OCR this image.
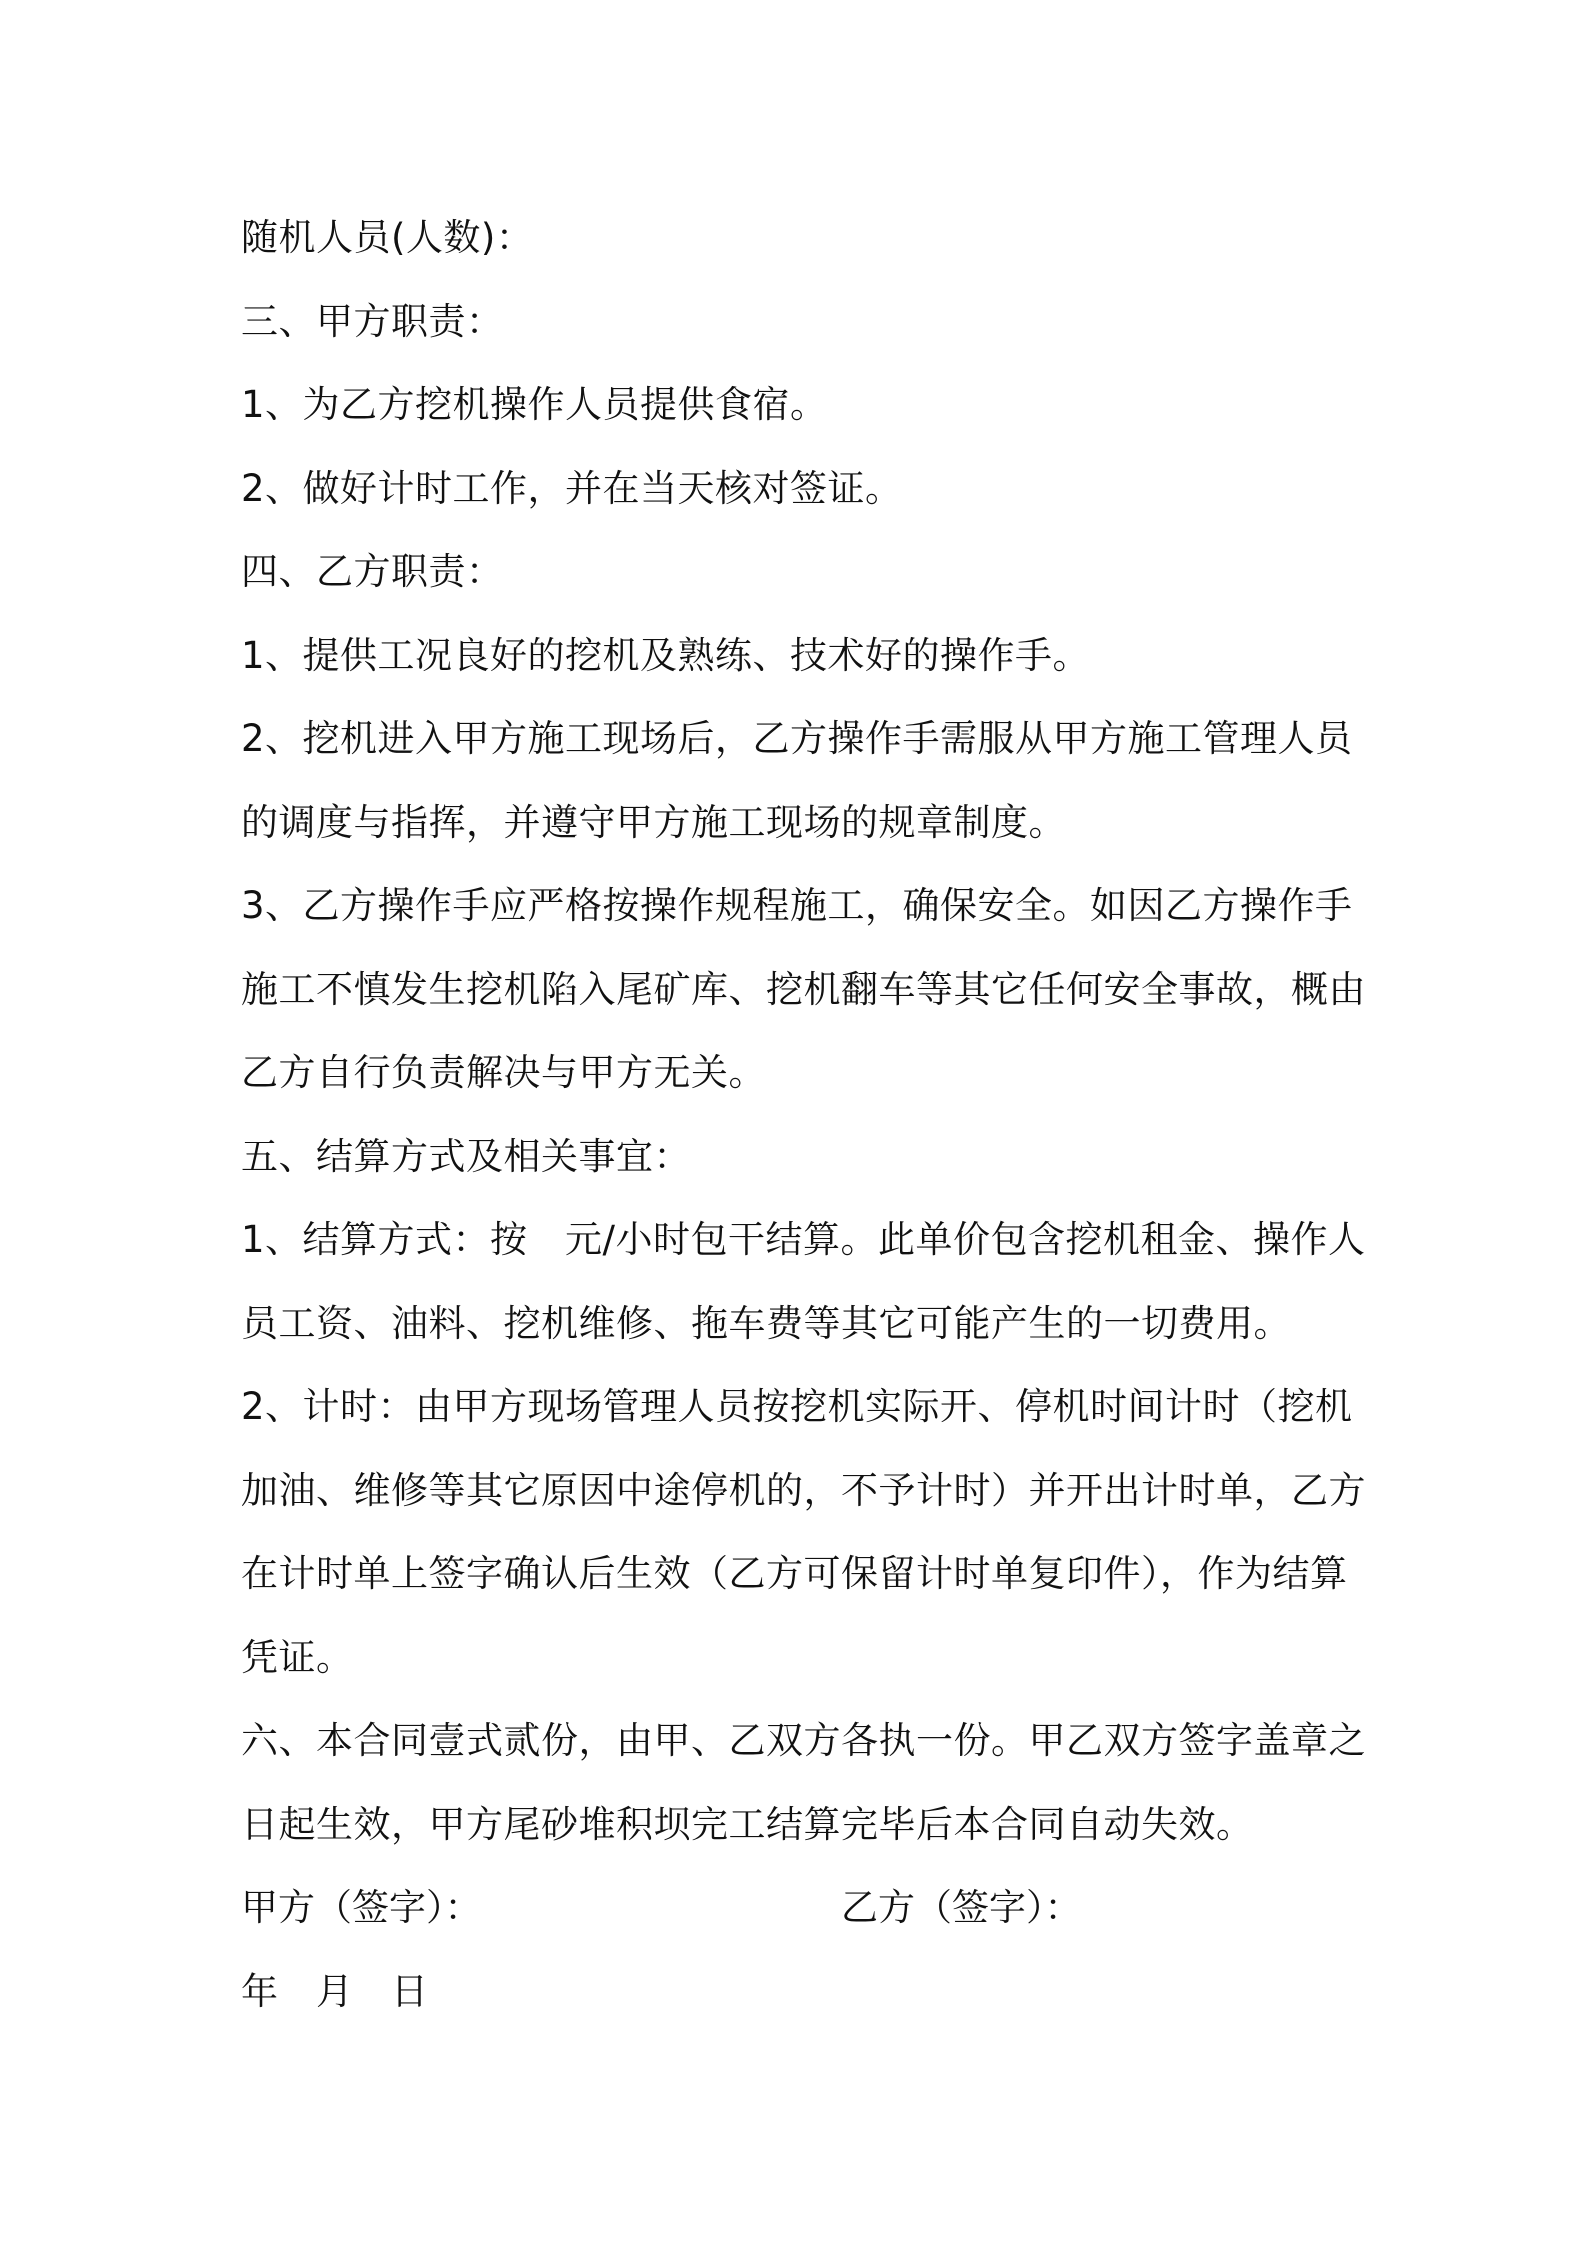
随机人员(人数)：
三、甲方职责：
1、为乙方挖机操作人员提供食宿。
2、做好计时工作，并在当天核对签证。
四、乙方职责：
1、提供工况良好的挖机及熟练、技术好的操作手。
2、挖机进入甲方施工现场后，乙方操作手需服从甲方施工管理人员
的调度与指挥，并遵守甲方施工现场的规章制度。
3、乙方操作手应严格按操作规程施工，确保安全。如因乙方操作手
施工不慎发生挖机陷入尾矿库、挖机翻车等其它任何安全事故，概由
乙方自行负责解决与甲方无关。
五、结算方式及相关事宜：
1、结算方式：按　元/小时包干结算。此单价包含挖机租金、操作人
员工资、油料、挖机维修、拖车费等其它可能产生的一切费用。
2、计时：由甲方现场管理人员按挖机实际开、停机时间计时（挖机
加油、维修等其它原因中途停机的，不予计时）并开出计时单，乙方
在计时单上签字确认后生效（乙方可保留计时单复印件），作为结算
凭证。
六、本合同壹式贰份，由甲、乙双方各执一份。甲乙双方签字盖章之
日起生效，甲方尾砂堆积坝完工结算完毕后本合同自动失效。
甲方（签字）：	乙方（签字）：
年　月　日
